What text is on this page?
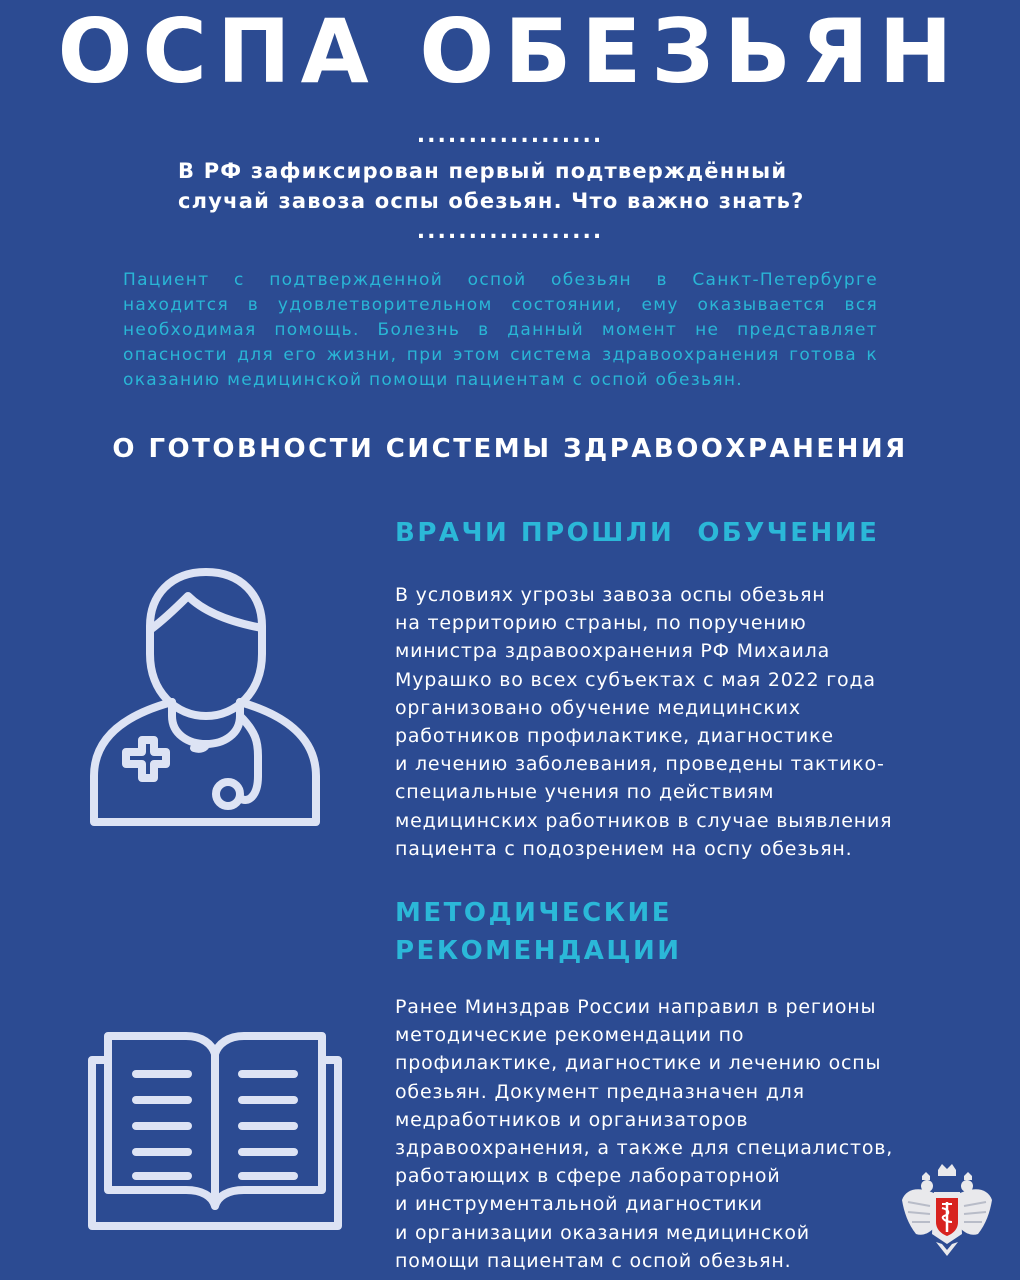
ОСПА ОБЕЗЬЯН
..................
В РФ зафиксирован первый подтверждённый
случай завоза оспы обезьян. Что важно знать?
..................
Пациент с подтвержденной оспой обезьян в Санкт-Петербурге находится в удовлетворительном состоянии, ему оказывается вся необходимая помощь. Болезнь в данный момент не представляет опасности для его жизни, при этом система здравоохранения готова к оказанию медицинской помощи пациентам с оспой обезьян.
О ГОТОВНОСТИ СИСТЕМЫ ЗДРАВООХРАНЕНИЯ
ВРАЧИ ПРОШЛИ  ОБУЧЕНИЕ
В условиях угрозы завоза оспы обезьян
на территорию страны, по поручению
министра здравоохранения РФ Михаила
Мурашко во всех субъектах с мая 2022 года
организовано обучение медицинских
работников профилактике, диагностике
и лечению заболевания, проведены тактико-
специальные учения по действиям
медицинских работников в случае выявления
пациента с подозрением на оспу обезьян.
МЕТОДИЧЕСКИЕ
РЕКОМЕНДАЦИИ
Ранее Минздрав России направил в регионы
методические рекомендации по
профилактике, диагностике и лечению оспы
обезьян. Документ предназначен для
медработников и организаторов
здравоохранения, а также для специалистов,
работающих в сфере лабораторной
и инструментальной диагностики
и организации оказания медицинской
помощи пациентам с оспой обезьян.
